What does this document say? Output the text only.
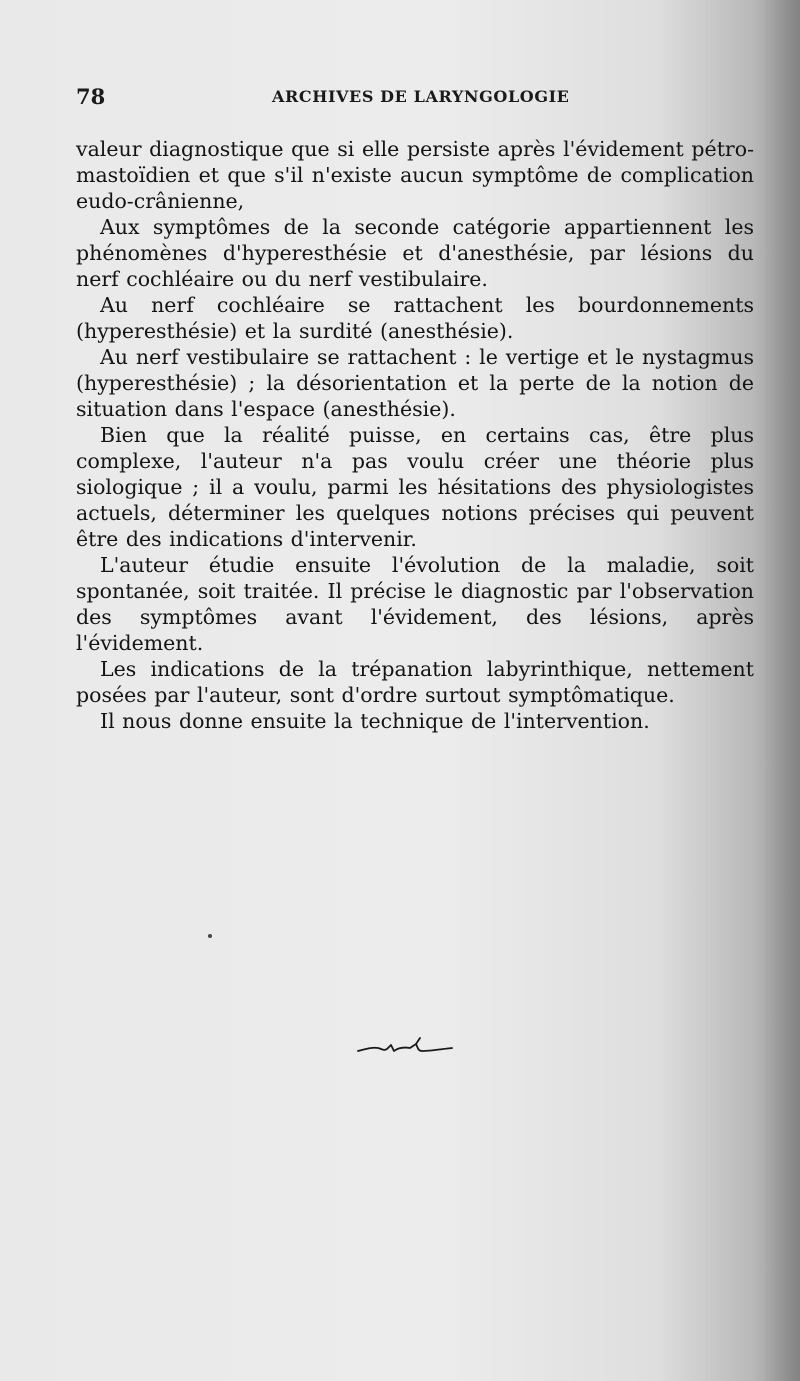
78	ARCHIVES DE LARYNGOLOGIE

valeur diagnostique que si elle persiste après l'évidement pétro-mastoïdien et que s'il n'existe aucun symptôme de complication eudo-crânienne,

Aux symptômes de la seconde catégorie appartiennent les phénomènes d'hyperesthésie et d'anesthésie, par lésions du nerf cochléaire ou du nerf vestibulaire.

Au nerf cochléaire se rattachent les bourdonnements (hyperesthésie) et la surdité (anesthésie).

Au nerf vestibulaire se rattachent : le vertige et le nystagmus (hyperesthésie) ; la désorientation et la perte de la notion de situation dans l'espace (anesthésie).

Bien que la réalité puisse, en certains cas, être plus complexe, l'auteur n'a pas voulu créer une théorie plus siologique ; il a voulu, parmi les hésitations des physiologistes actuels, déterminer les quelques notions précises qui peuvent être des indications d'intervenir.

L'auteur étudie ensuite l'évolution de la maladie, soit spontanée, soit traitée. Il précise le diagnostic par l'observation des symptômes avant l'évidement, des lésions, après l'évidement.

Les indications de la trépanation labyrinthique, nettement posées par l'auteur, sont d'ordre surtout symptômatique.

Il nous donne ensuite la technique de l'intervention.
